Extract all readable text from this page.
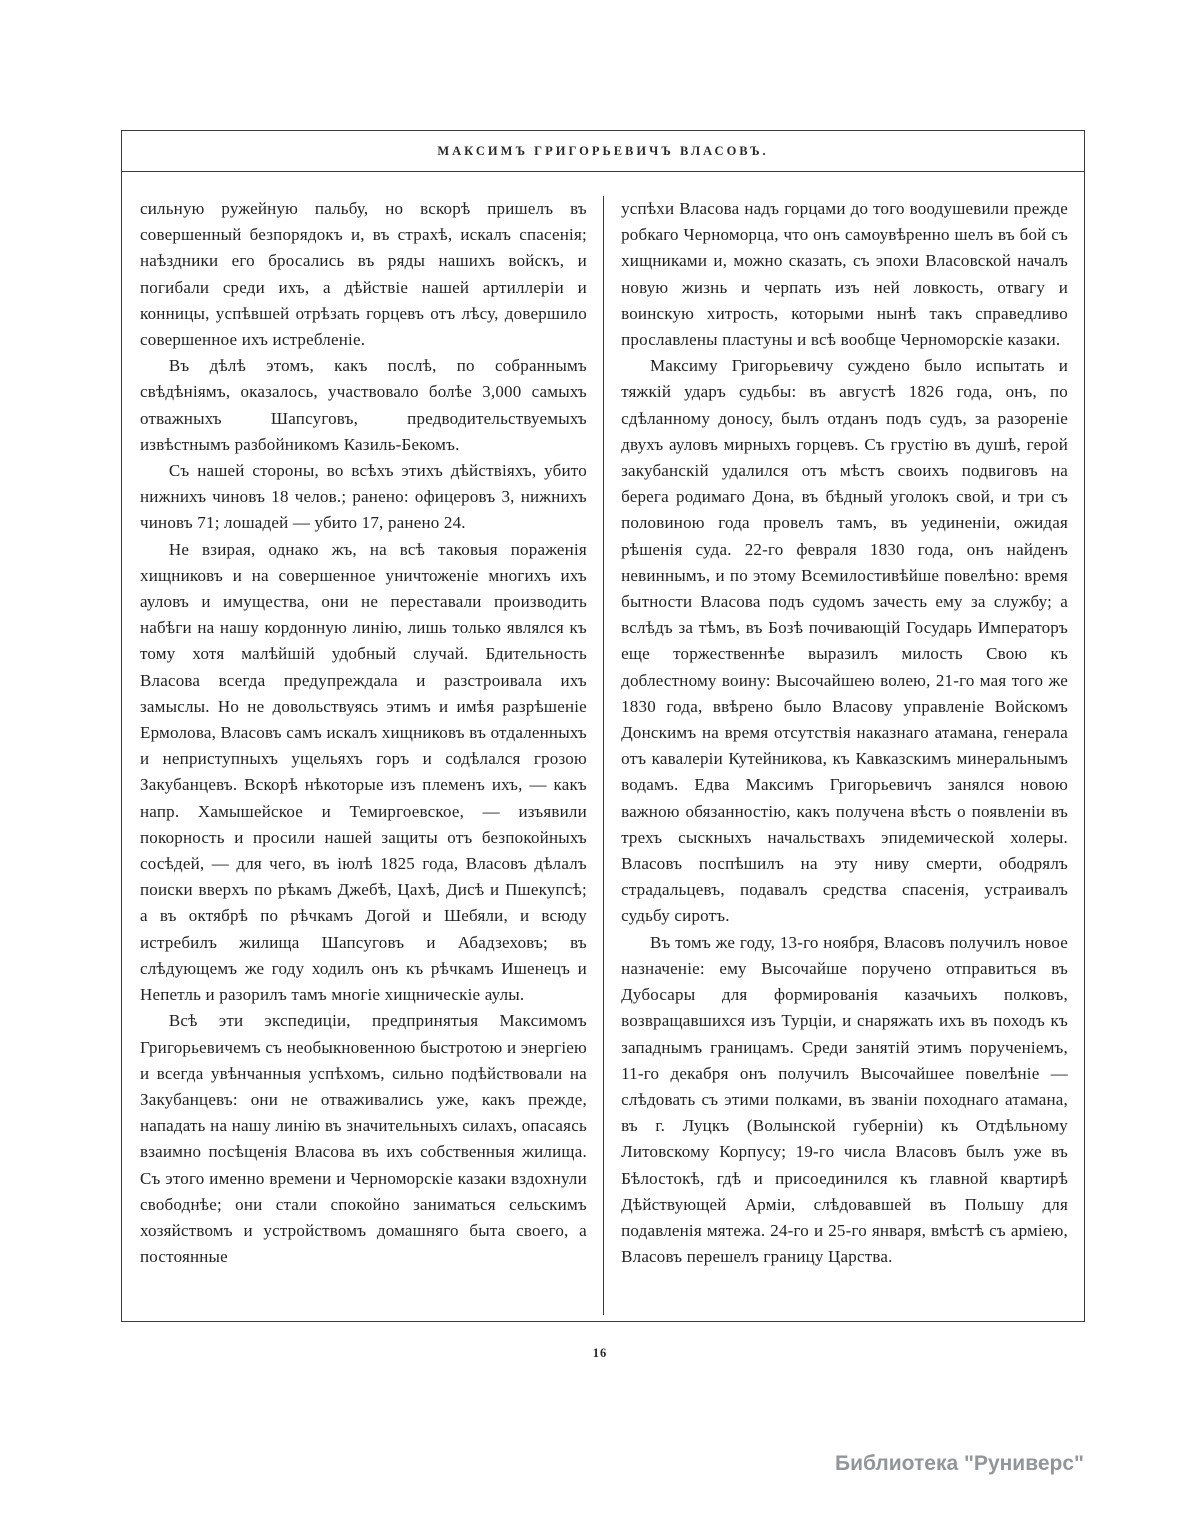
МАКСИМЪ ГРИГОРЬЕВИЧЪ ВЛАСОВЪ.

сильную ружейную пальбу, но вскорѣ пришелъ въ совершенный безпорядокъ и, въ страхѣ, искалъ спасенія; наѣздники его бросались въ ряды нашихъ войскъ, и погибали среди ихъ, а дѣйствіе нашей артиллеріи и конницы, успѣвшей отрѣзать горцевъ отъ лѣсу, довершило совершенное ихъ истребленіе.

Въ дѣлѣ этомъ, какъ послѣ, по собраннымъ свѣдѣніямъ, оказалось, участвовало болѣе 3,000 самыхъ отважныхъ Шапсуговъ, предводительствуемыхъ извѣстнымъ разбойникомъ Казиль-Бекомъ.

Съ нашей стороны, во всѣхъ этихъ дѣйствіяхъ, убито нижнихъ чиновъ 18 челов.; ранено: офицеровъ 3, нижнихъ чиновъ 71; лошадей — убито 17, ранено 24.

Не взирая, однако жъ, на всѣ таковыя пораженія хищниковъ и на совершенное уничтоженіе многихъ ихъ ауловъ и имущества, они не переставали производить набѣги на нашу кордонную линію, лишь только являлся къ тому хотя малѣйшій удобный случай. Бдительность Власова всегда предупреждала и разстроивала ихъ замыслы. Но не довольствуясь этимъ и имѣя разрѣшеніе Ермолова, Власовъ самъ искалъ хищниковъ въ отдаленныхъ и неприступныхъ ущельяхъ горъ и содѣлался грозою Закубанцевъ. Вскорѣ нѣкоторые изъ племенъ ихъ, — какъ напр. Хамышейское и Темиргоевское, — изъявили покорность и просили нашей защиты отъ безпокойныхъ сосѣдей, — для чего, въ іюлѣ 1825 года, Власовъ дѣлалъ поиски вверхъ по рѣкамъ Джебѣ, Цахѣ, Дисѣ и Пшекупсѣ; а въ октябрѣ по рѣчкамъ Догой и Шебяли, и всюду истребилъ жилища Шапсуговъ и Абадзеховъ; въ слѣдующемъ же году ходилъ онъ къ рѣчкамъ Ишенецъ и Непетль и разорилъ тамъ многіе хищническіе аулы.

Всѣ эти экспедиціи, предпринятыя Максимомъ Григорьевичемъ съ необыкновенною быстротою и энергіею и всегда увѣнчанныя успѣхомъ, сильно подѣйствовали на Закубанцевъ: они не отваживались уже, какъ прежде, нападать на нашу линію въ значительныхъ силахъ, опасаясь взаимно посѣщенія Власова въ ихъ собственныя жилища. Съ этого именно времени и Черноморскіе казаки вздохнули свободнѣе; они стали спокойно заниматься сельскимъ хозяйствомъ и устройствомъ домашняго быта своего, а постоянные

успѣхи Власова надъ горцами до того воодушевили прежде робкаго Черноморца, что онъ самоувѣренно шелъ въ бой съ хищниками и, можно сказать, съ эпохи Власовской началъ новую жизнь и черпать изъ ней ловкость, отвагу и воинскую хитрость, которыми нынѣ такъ справедливо прославлены пластуны и всѣ вообще Черноморскіе казаки.

Максиму Григорьевичу суждено было испытать и тяжкій ударъ судьбы: въ августѣ 1826 года, онъ, по сдѣланному доносу, былъ отданъ подъ судъ, за разореніе двухъ ауловъ мирныхъ горцевъ. Съ грустію въ душѣ, герой закубанскій удалился отъ мѣстъ своихъ подвиговъ на берега родимаго Дона, въ бѣдный уголокъ свой, и три съ половиною года провелъ тамъ, въ уединеніи, ожидая рѣшенія суда. 22-го февраля 1830 года, онъ найденъ невиннымъ, и по этому Всемилостивѣйше повелѣно: время бытности Власова подъ судомъ зачесть ему за службу; а вслѣдъ за тѣмъ, въ Бозѣ почивающій Государь Императоръ еще торжественнѣе выразилъ милость Свою къ доблестному воину: Высочайшею волею, 21-го мая того же 1830 года, ввѣрено было Власову управленіе Войскомъ Донскимъ на время отсутствія наказнаго атамана, генерала отъ кавалеріи Кутейникова, къ Кавказскимъ минеральнымъ водамъ. Едва Максимъ Григорьевичъ занялся новою важною обязанностію, какъ получена вѣсть о появленіи въ трехъ сыскныхъ начальствахъ эпидемической холеры. Власовъ поспѣшилъ на эту ниву смерти, ободрялъ страдальцевъ, подавалъ средства спасенія, устраивалъ судьбу сиротъ.

Въ томъ же году, 13-го ноября, Власовъ получилъ новое назначеніе: ему Высочайше поручено отправиться въ Дубосары для формированія казачьихъ полковъ, возвращавшихся изъ Турціи, и снаряжать ихъ въ походъ къ западнымъ границамъ. Среди занятій этимъ порученіемъ, 11-го декабря онъ получилъ Высочайшее повелѣніе — слѣдовать съ этими полками, въ званіи походнаго атамана, въ г. Луцкъ (Волынской губерніи) къ Отдѣльному Литовскому Корпусу; 19-го числа Власовъ былъ уже въ Бѣлостокѣ, гдѣ и присоединился къ главной квартирѣ Дѣйствующей Арміи, слѣдовавшей въ Польшу для подавленія мятежа. 24-го и 25-го января, вмѣстѣ съ арміею, Власовъ перешелъ границу Царства.

16
Библиотека "Руниверс"
